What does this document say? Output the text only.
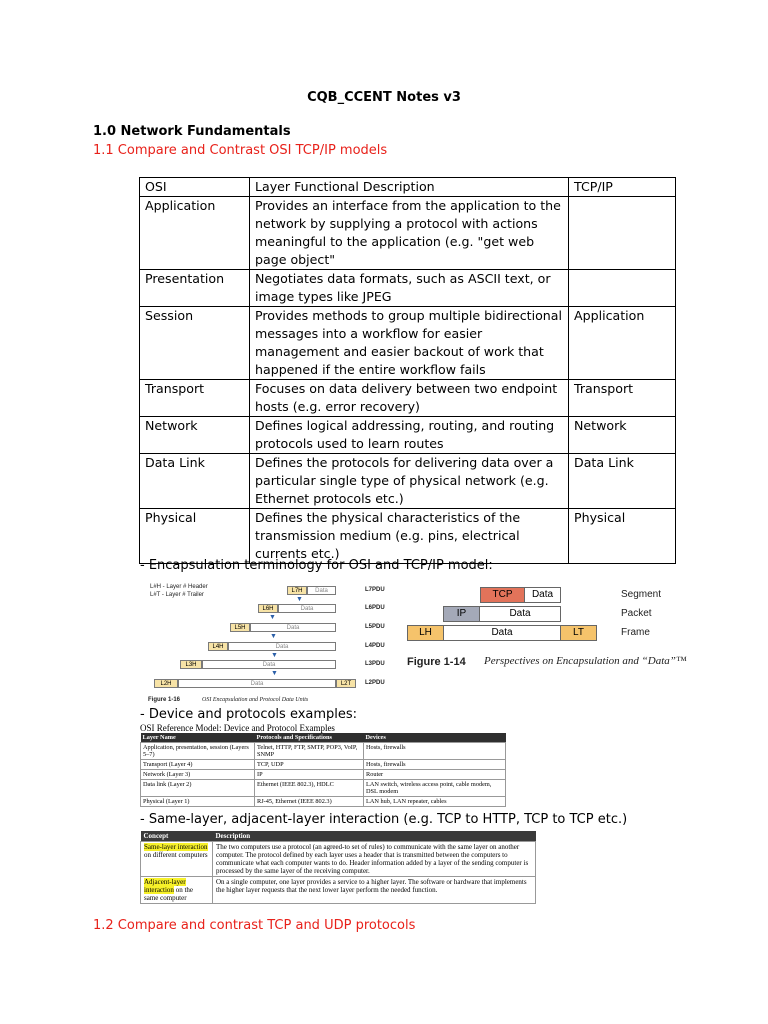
CQB_CCENT Notes v3
1.0 Network Fundamentals
1.1 Compare and Contrast OSI TCP/IP models
OSI	Layer Functional Description	TCP/IP
Application	Provides an interface from the application to the network by supplying a protocol with actions meaningful to the application (e.g. "get web page object"	
Presentation	Negotiates data formats, such as ASCII text, or image types like JPEG	
Session	Provides methods to group multiple bidirectional messages into a workflow for easier management and easier backout of work that happened if the entire workflow fails	Application
Transport	Focuses on data delivery between two endpoint hosts (e.g. error recovery)	Transport
Network	Defines logical addressing, routing, and routing protocols used to learn routes	Network
Data Link	Defines the protocols for delivering data over a particular single type of physical network (e.g. Ethernet protocols etc.)	Data Link
Physical	Defines the physical characteristics of the transmission medium (e.g. pins, electrical currents etc.)	Physical
- Encapsulation terminology for OSI and TCP/IP model:
L#H - Layer # Header
L#T - Layer # Trailer
L7H	Data	L7PDU
▼
L6H	Data	L6PDU
▼
L5H	Data	L5PDU
▼
L4H	Data	L4PDU
▼
L3H	Data	L3PDU
▼
L2H	Data	L2T	L2PDU
Figure 1-16	OSI Encapsulation and Protocol Data Units
TCP	Data	Segment
IP	Data	Packet
LH	Data	LT	Frame
Figure 1-14 Perspectives on Encapsulation and “Data”™
- Device and protocols examples:
OSI Reference Model: Device and Protocol Examples
Layer Name	Protocols and Specifications	Devices
Application, presentation, session (Layers 5–7)	Telnet, HTTP, FTP, SMTP, POP3, VoIP, SNMP	Hosts, firewalls
Transport (Layer 4)	TCP, UDP	Hosts, firewalls
Network (Layer 3)	IP	Router
Data link (Layer 2)	Ethernet (IEEE 802.3), HDLC	LAN switch, wireless access point, cable modem, DSL modem
Physical (Layer 1)	RJ-45, Ethernet (IEEE 802.3)	LAN hub, LAN repeater, cables
- Same-layer, adjacent-layer interaction (e.g. TCP to HTTP, TCP to TCP etc.)
Concept	Description
Same-layer interaction on different computers	The two computers use a protocol (an agreed-to set of rules) to communicate with the same layer on another computer. The protocol defined by each layer uses a header that is transmitted between the computers to communicate what each computer wants to do. Header information added by a layer of the sending computer is processed by the same layer of the receiving computer.
Adjacent-layer interaction on the same computer	On a single computer, one layer provides a service to a higher layer. The software or hardware that implements the higher layer requests that the next lower layer perform the needed function.
1.2 Compare and contrast TCP and UDP protocols
